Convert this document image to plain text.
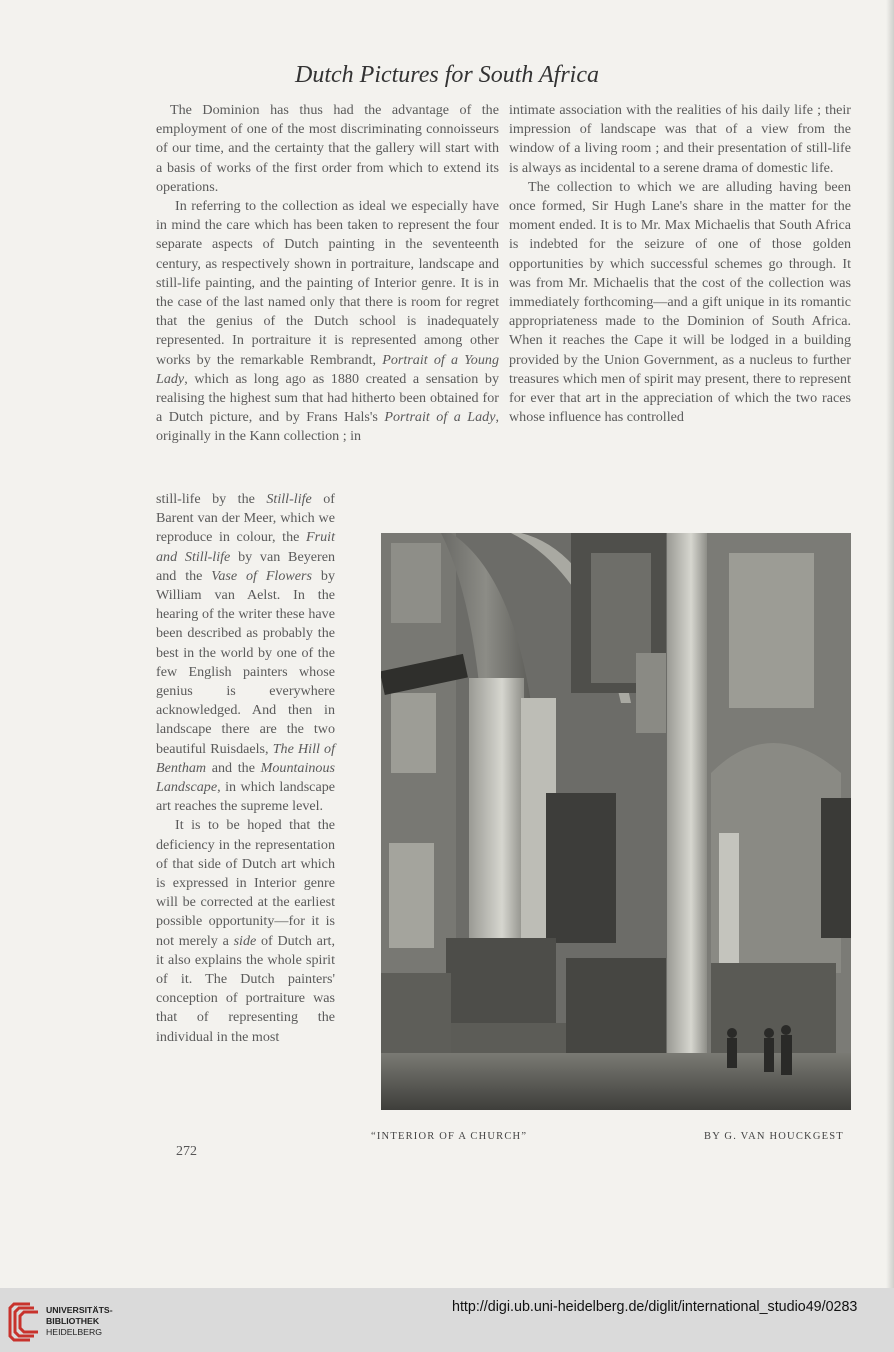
Dutch Pictures for South Africa

The Dominion has thus had the advantage of the employment of one of the most discriminating connoisseurs of our time, and the certainty that the gallery will start with a basis of works of the first order from which to extend its operations.

In referring to the collection as ideal we especially have in mind the care which has been taken to represent the four separate aspects of Dutch painting in the seventeenth century, as respectively shown in portraiture, landscape and still-life painting, and the painting of Interior genre. It is in the case of the last named only that there is room for regret that the genius of the Dutch school is inadequately represented. In portraiture it is represented among other works by the remarkable Rembrandt, Portrait of a Young Lady, which as long ago as 1880 created a sensation by realising the highest sum that had hitherto been obtained for a Dutch picture, and by Frans Hals's Portrait of a Lady, originally in the Kann collection ; in

still-life by the Still-life of Barent van der Meer, which we reproduce in colour, the Fruit and Still-life by van Beyeren and the Vase of Flowers by William van Aelst. In the hearing of the writer these have been described as probably the best in the world by one of the few English painters whose genius is everywhere acknowledged. And then in landscape there are the two beautiful Ruisdaels, The Hill of Bentham and the Mountainous Landscape, in which landscape art reaches the supreme level.

It is to be hoped that the deficiency in the representation of that side of Dutch art which is expressed in Interior genre will be corrected at the earliest possible opportunity—for it is not merely a side of Dutch art, it also explains the whole spirit of it. The Dutch painters' conception of portraiture was that of representing the individual in the most

intimate association with the realities of his daily life ; their impression of landscape was that of a view from the window of a living room ; and their presentation of still-life is always as incidental to a serene drama of domestic life.

The collection to which we are alluding having been once formed, Sir Hugh Lane's share in the matter for the moment ended. It is to Mr. Max Michaelis that South Africa is indebted for the seizure of one of those golden opportunities by which successful schemes go through. It was from Mr. Michaelis that the cost of the collection was immediately forthcoming—and a gift unique in its romantic appropriateness made to the Dominion of South Africa. When it reaches the Cape it will be lodged in a building provided by the Union Government, as a nucleus to further treasures which men of spirit may present, there to represent for ever that art in the appreciation of which the two races whose influence has controlled

“INTERIOR OF A CHURCH”	BY G. VAN HOUCKGEST
272
UNIVERSITÄTS-
BIBLIOTHEK
HEIDELBERG
http://digi.ub.uni-heidelberg.de/diglit/international_studio49/0283
